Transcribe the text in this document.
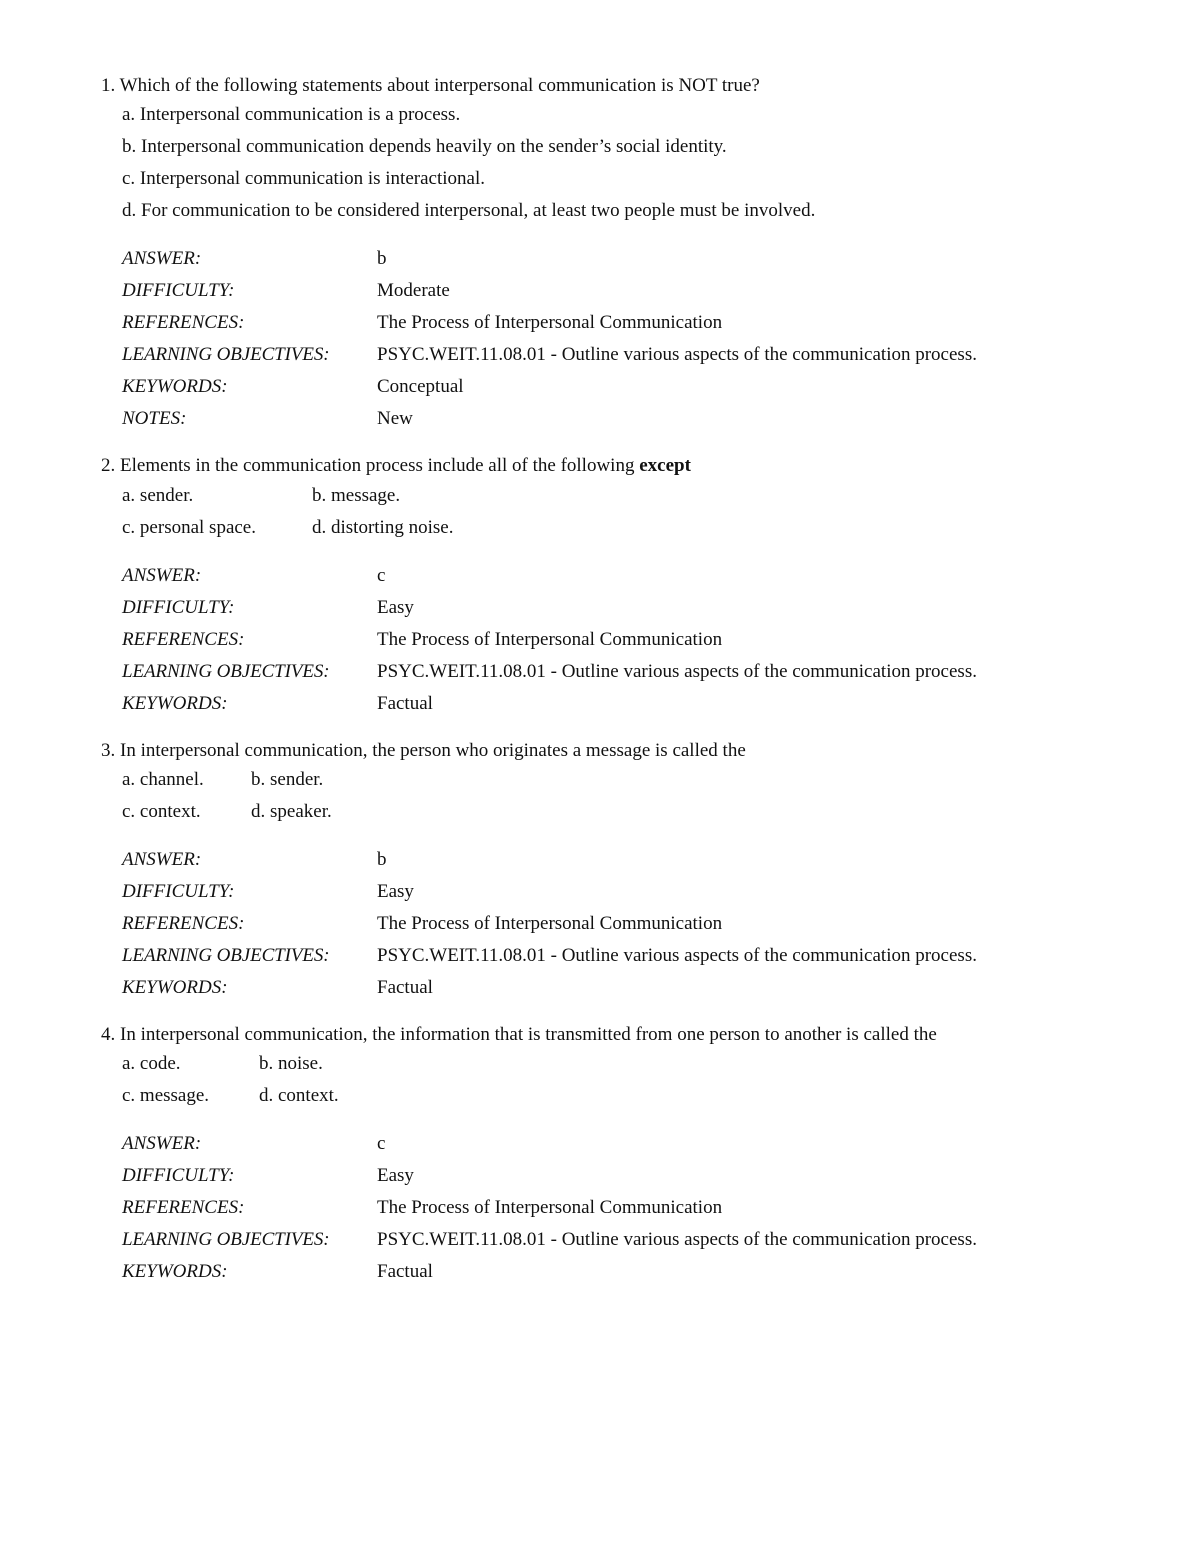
1. Which of the following statements about interpersonal communication is NOT true?
a. Interpersonal communication is a process.
b. Interpersonal communication depends heavily on the sender’s social identity.
c. Interpersonal communication is interactional.
d. For communication to be considered interpersonal, at least two people must be involved.
ANSWER:	b
DIFFICULTY:	Moderate
REFERENCES:	The Process of Interpersonal Communication
LEARNING OBJECTIVES: PSYC.WEIT.11.08.01 - Outline various aspects of the communication process.
KEYWORDS:	Conceptual
NOTES:	New
2. Elements in the communication process include all of the following except
a. sender.	b. message.
c. personal space.	d. distorting noise.
ANSWER:	c
DIFFICULTY:	Easy
REFERENCES:	The Process of Interpersonal Communication
LEARNING OBJECTIVES: PSYC.WEIT.11.08.01 - Outline various aspects of the communication process.
KEYWORDS:	Factual
3. In interpersonal communication, the person who originates a message is called the
a. channel. b. sender.
c. context.	d. speaker.
ANSWER:	b
DIFFICULTY:	Easy
REFERENCES:	The Process of Interpersonal Communication
LEARNING OBJECTIVES: PSYC.WEIT.11.08.01 - Outline various aspects of the communication process.
KEYWORDS:	Factual
4. In interpersonal communication, the information that is transmitted from one person to another is called the
a. code.	b. noise.
c. message.	d. context.
ANSWER:	c
DIFFICULTY:	Easy
REFERENCES:	The Process of Interpersonal Communication
LEARNING OBJECTIVES: PSYC.WEIT.11.08.01 - Outline various aspects of the communication process.
KEYWORDS:	Factual
